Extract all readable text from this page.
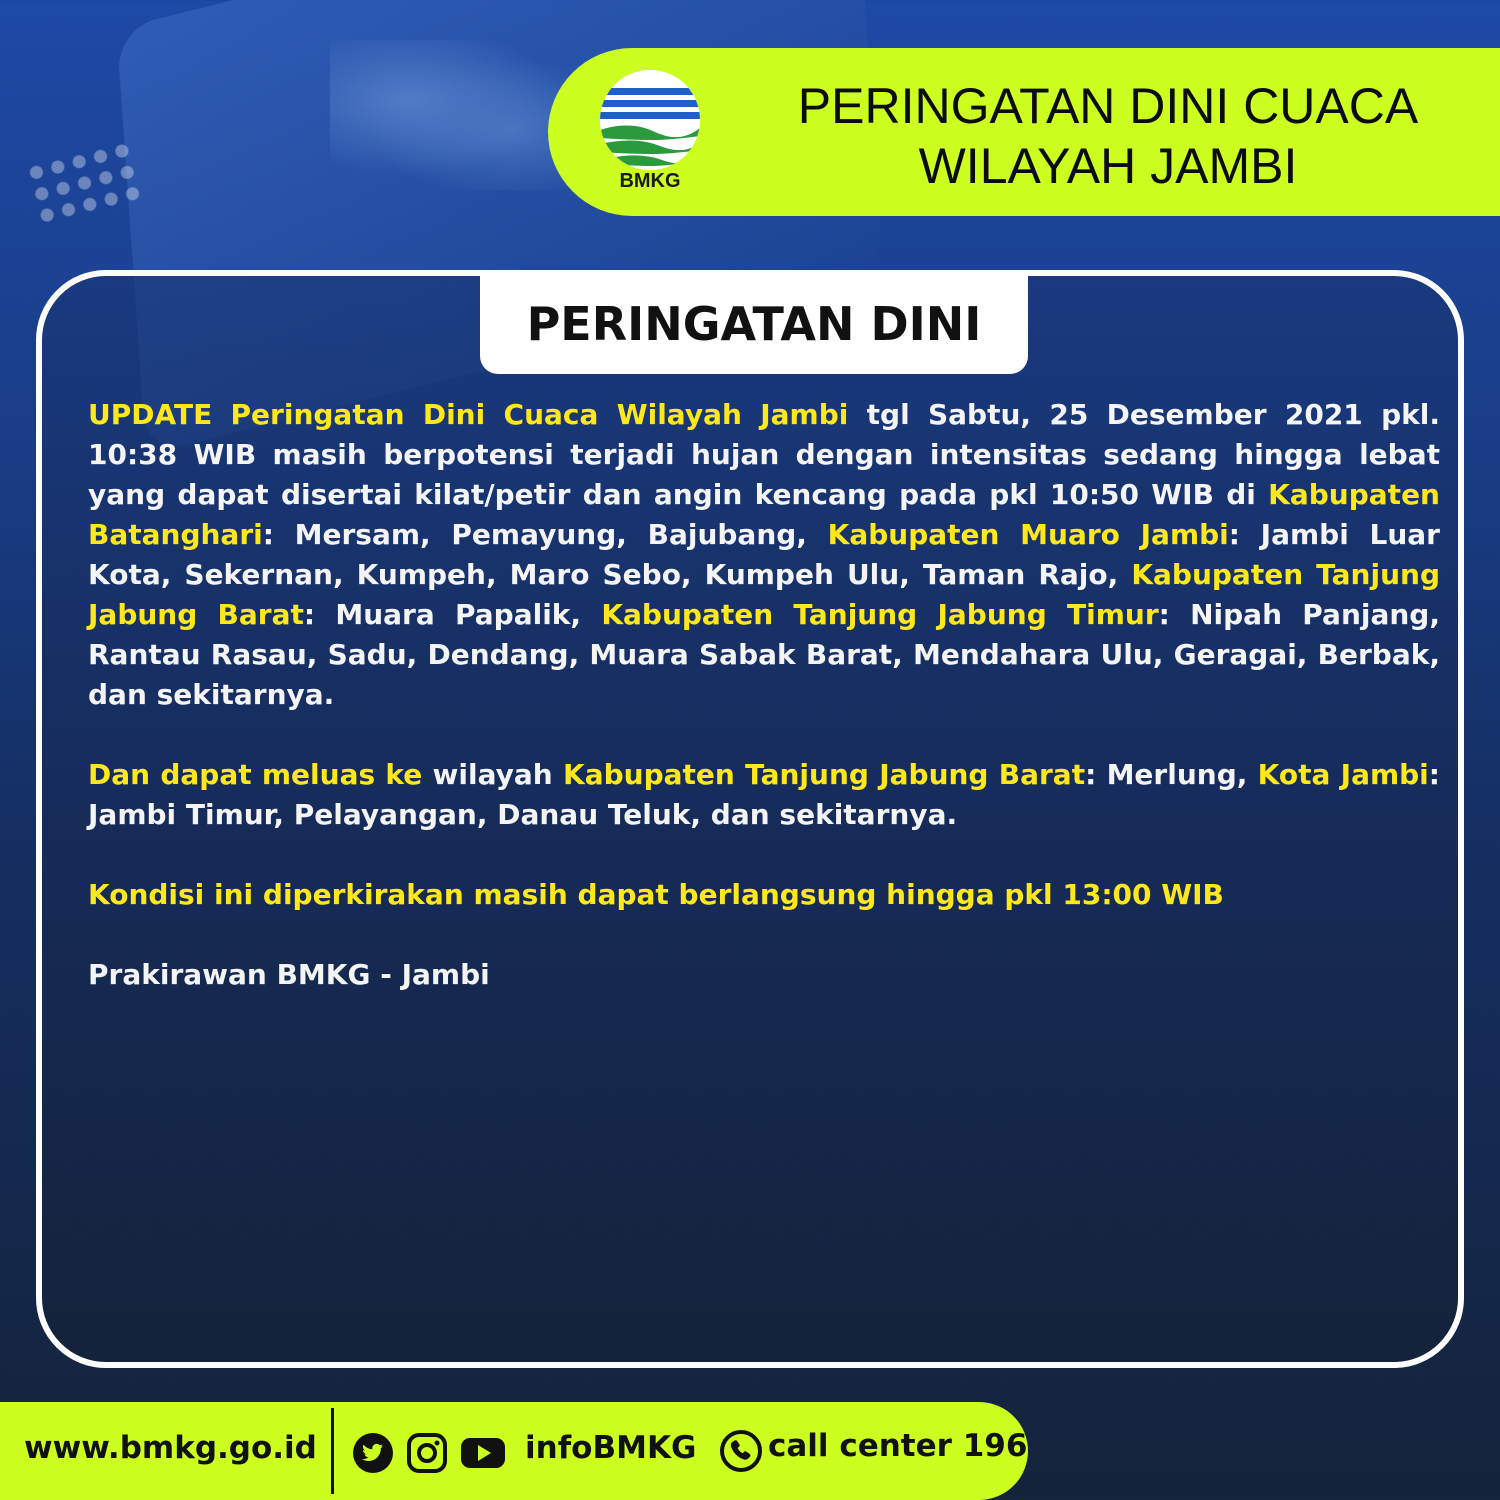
BMKG
PERINGATAN DINI CUACA
WILAYAH JAMBI
PERINGATAN DINI

UPDATE Peringatan Dini Cuaca Wilayah Jambi tgl Sabtu, 25 Desember 2021 pkl. 10:38 WIB masih berpotensi terjadi hujan dengan intensitas sedang hingga lebat yang dapat disertai kilat/petir dan angin kencang pada pkl 10:50 WIB di Kabupaten Batanghari: Mersam, Pemayung, Bajubang, Kabupaten Muaro Jambi: Jambi Luar Kota, Sekernan, Kumpeh, Maro Sebo, Kumpeh Ulu, Taman Rajo, Kabupaten Tanjung Jabung Barat: Muara Papalik, Kabupaten Tanjung Jabung Timur: Nipah Panjang, Rantau Rasau, Sadu, Dendang, Muara Sabak Barat, Mendahara Ulu, Geragai, Berbak, dan sekitarnya.

Dan dapat meluas ke wilayah Kabupaten Tanjung Jabung Barat: Merlung, Kota Jambi: Jambi Timur, Pelayangan, Danau Teluk, dan sekitarnya.

Kondisi ini diperkirakan masih dapat berlangsung hingga pkl 13:00 WIB

Prakirawan BMKG - Jambi

www.bmkg.go.id	infoBMKG call center 196
